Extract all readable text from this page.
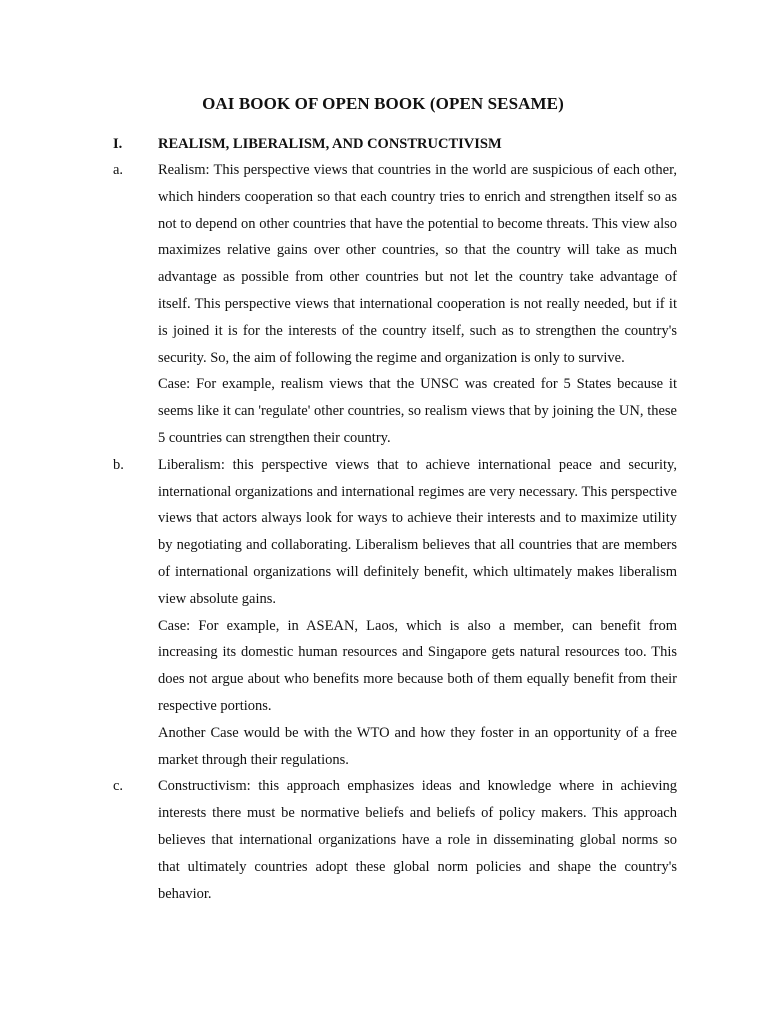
OAI BOOK OF OPEN BOOK (OPEN SESAME)
I. REALISM, LIBERALISM, AND CONSTRUCTIVISM
a. Realism: This perspective views that countries in the world are suspicious of each other, which hinders cooperation so that each country tries to enrich and strengthen itself so as not to depend on other countries that have the potential to become threats. This view also maximizes relative gains over other countries, so that the country will take as much advantage as possible from other countries but not let the country take advantage of itself. This perspective views that international cooperation is not really needed, but if it is joined it is for the interests of the country itself, such as to strengthen the country's security. So, the aim of following the regime and organization is only to survive.

Case: For example, realism views that the UNSC was created for 5 States because it seems like it can 'regulate' other countries, so realism views that by joining the UN, these 5 countries can strengthen their country.

b. Liberalism: this perspective views that to achieve international peace and security, international organizations and international regimes are very necessary. This perspective views that actors always look for ways to achieve their interests and to maximize utility by negotiating and collaborating. Liberalism believes that all countries that are members of international organizations will definitely benefit, which ultimately makes liberalism view absolute gains.

Case: For example, in ASEAN, Laos, which is also a member, can benefit from increasing its domestic human resources and Singapore gets natural resources too. This does not argue about who benefits more because both of them equally benefit from their respective portions.

Another Case would be with the WTO and how they foster in an opportunity of a free market through their regulations.

c. Constructivism: this approach emphasizes ideas and knowledge where in achieving interests there must be normative beliefs and beliefs of policy makers. This approach believes that international organizations have a role in disseminating global norms so that ultimately countries adopt these global norm policies and shape the country's behavior.
